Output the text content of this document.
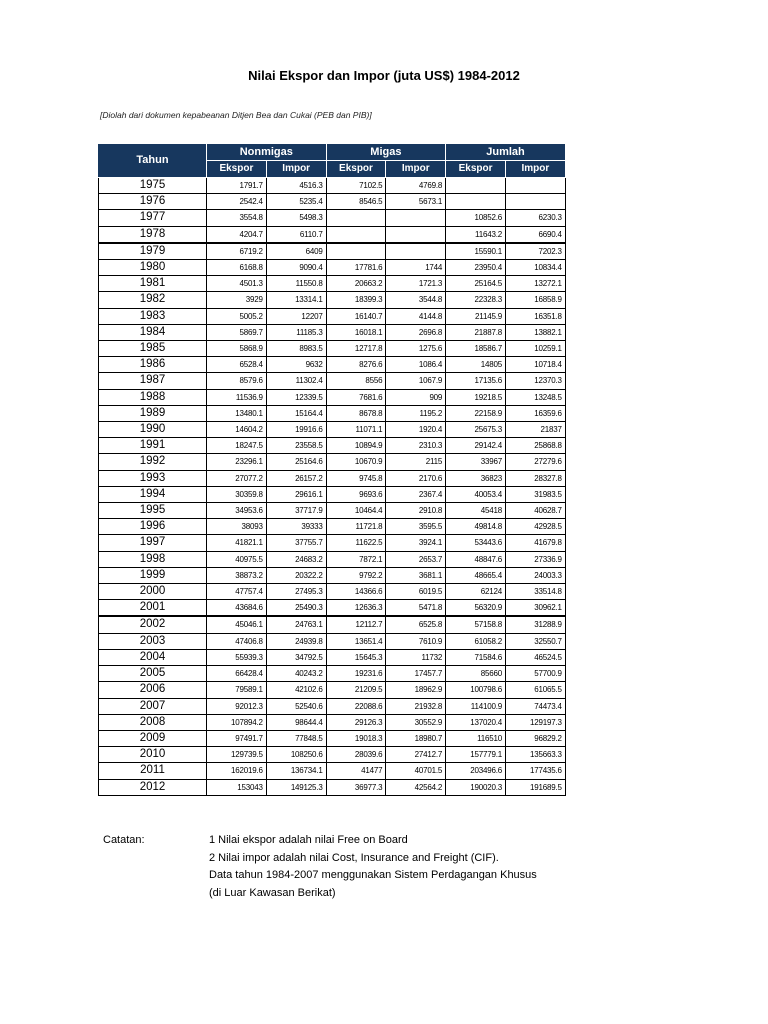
Nilai Ekspor dan Impor (juta US$) 1984-2012
[Diolah dari dokumen kepabeanan Ditjen Bea dan Cukai (PEB dan PIB)]
Tahun	Nonmigas		Migas		Jumlah	
	Ekspor	Impor	Ekspor	Impor	Ekspor	Impor
1975	1791.7	4516.3	7102.5	4769.8		
1976	2542.4	5235.4	8546.5	5673.1		
1977	3554.8	5498.3			10852.6	6230.3
1978	4204.7	6110.7			11643.2	6690.4
1979	6719.2	6409			15590.1	7202.3
1980	6168.8	9090.4	17781.6	1744	23950.4	10834.4
1981	4501.3	11550.8	20663.2	1721.3	25164.5	13272.1
1982	3929	13314.1	18399.3	3544.8	22328.3	16858.9
1983	5005.2	12207	16140.7	4144.8	21145.9	16351.8
1984	5869.7	11185.3	16018.1	2696.8	21887.8	13882.1
1985	5868.9	8983.5	12717.8	1275.6	18586.7	10259.1
1986	6528.4	9632	8276.6	1086.4	14805	10718.4
1987	8579.6	11302.4	8556	1067.9	17135.6	12370.3
1988	11536.9	12339.5	7681.6	909	19218.5	13248.5
1989	13480.1	15164.4	8678.8	1195.2	22158.9	16359.6
1990	14604.2	19916.6	11071.1	1920.4	25675.3	21837
1991	18247.5	23558.5	10894.9	2310.3	29142.4	25868.8
1992	23296.1	25164.6	10670.9	2115	33967	27279.6
1993	27077.2	26157.2	9745.8	2170.6	36823	28327.8
1994	30359.8	29616.1	9693.6	2367.4	40053.4	31983.5
1995	34953.6	37717.9	10464.4	2910.8	45418	40628.7
1996	38093	39333	11721.8	3595.5	49814.8	42928.5
1997	41821.1	37755.7	11622.5	3924.1	53443.6	41679.8
1998	40975.5	24683.2	7872.1	2653.7	48847.6	27336.9
1999	38873.2	20322.2	9792.2	3681.1	48665.4	24003.3
2000	47757.4	27495.3	14366.6	6019.5	62124	33514.8
2001	43684.6	25490.3	12636.3	5471.8	56320.9	30962.1
2002	45046.1	24763.1	12112.7	6525.8	57158.8	31288.9
2003	47406.8	24939.8	13651.4	7610.9	61058.2	32550.7
2004	55939.3	34792.5	15645.3	11732	71584.6	46524.5
2005	66428.4	40243.2	19231.6	17457.7	85660	57700.9
2006	79589.1	42102.6	21209.5	18962.9	100798.6	61065.5
2007	92012.3	52540.6	22088.6	21932.8	114100.9	74473.4
2008	107894.2	98644.4	29126.3	30552.9	137020.4	129197.3
2009	97491.7	77848.5	19018.3	18980.7	116510	96829.2
2010	129739.5	108250.6	28039.6	27412.7	157779.1	135663.3
2011	162019.6	136734.1	41477	40701.5	203496.6	177435.6
2012	153043	149125.3	36977.3	42564.2	190020.3	191689.5
Catatan:	1 Nilai ekspor adalah nilai Free on Board
2 Nilai impor adalah nilai Cost, Insurance and Freight (CIF).
Data tahun 1984-2007 menggunakan Sistem Perdagangan Khusus
(di Luar Kawasan Berikat)
